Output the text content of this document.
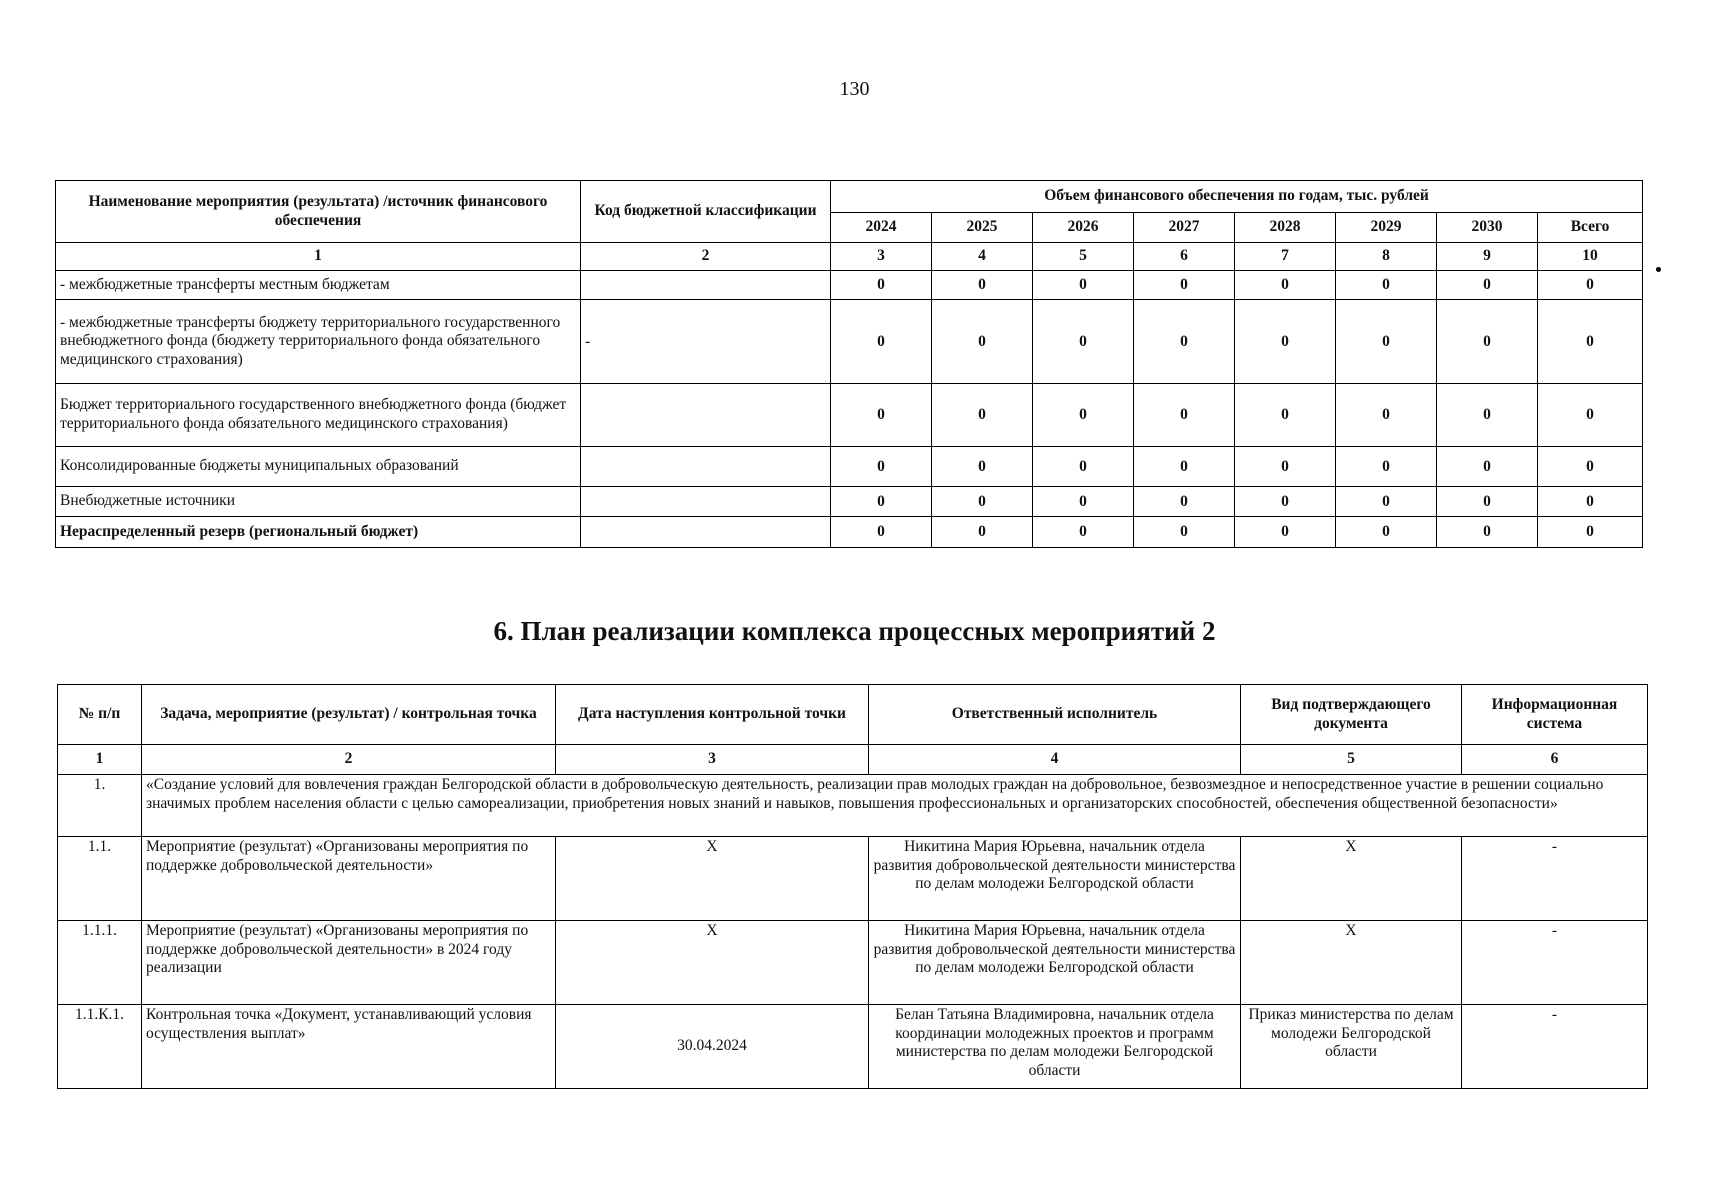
130
Наименование мероприятия (результата) /источник финансового обеспечения	Код бюджетной классификации	Объем финансового обеспечения по годам, тыс. рублей							
		2024	2025	2026	2027	2028	2029	2030	Всего
1	2	3	4	5	6	7	8	9	10
- межбюджетные трансферты местным бюджетам		0	0	0	0	0	0	0	0
- межбюджетные трансферты бюджету территориального государственного внебюджетного фонда (бюджету территориального фонда обязательного медицинского страхования)	-	0	0	0	0	0	0	0	0
Бюджет территориального государственного внебюджетного фонда (бюджет территориального фонда обязательного медицинского страхования)		0	0	0	0	0	0	0	0
Консолидированные бюджеты муниципальных образований		0	0	0	0	0	0	0	0
Внебюджетные источники		0	0	0	0	0	0	0	0
Нераспределенный резерв (региональный бюджет)		0	0	0	0	0	0	0	0
6. План реализации комплекса процессных мероприятий 2
№ п/п	Задача, мероприятие (результат) / контрольная точка	Дата наступления контрольной точки	Ответственный исполнитель	Вид подтверждающего документа	Информационная система
1	2	3	4	5	6
1.	«Создание условий для вовлечения граждан Белгородской области в добровольческую деятельность, реализации прав молодых граждан на добровольное, безвозмездное и непосредственное участие в решении социально значимых проблем населения области с целью самореализации, приобретения новых знаний и навыков, повышения профессиональных и организаторских способностей, обеспечения общественной безопасности»				
1.1.	Мероприятие (результат) «Организованы мероприятия по поддержке добровольческой деятельности»	X	Никитина Мария Юрьевна, начальник отдела развития добровольческой деятельности министерства по делам молодежи Белгородской области	X	-
1.1.1.	Мероприятие (результат) «Организованы мероприятия по поддержке добровольческой деятельности» в 2024 году реализации	X	Никитина Мария Юрьевна, начальник отдела развития добровольческой деятельности министерства по делам молодежи Белгородской области	X	-
1.1.К.1.	Контрольная точка «Документ, устанавливающий условия осуществления выплат»	30.04.2024	Белан Татьяна Владимировна, начальник отдела координации молодежных проектов и программ министерства по делам молодежи Белгородской области	Приказ министерства по делам молодежи Белгородской области	-
